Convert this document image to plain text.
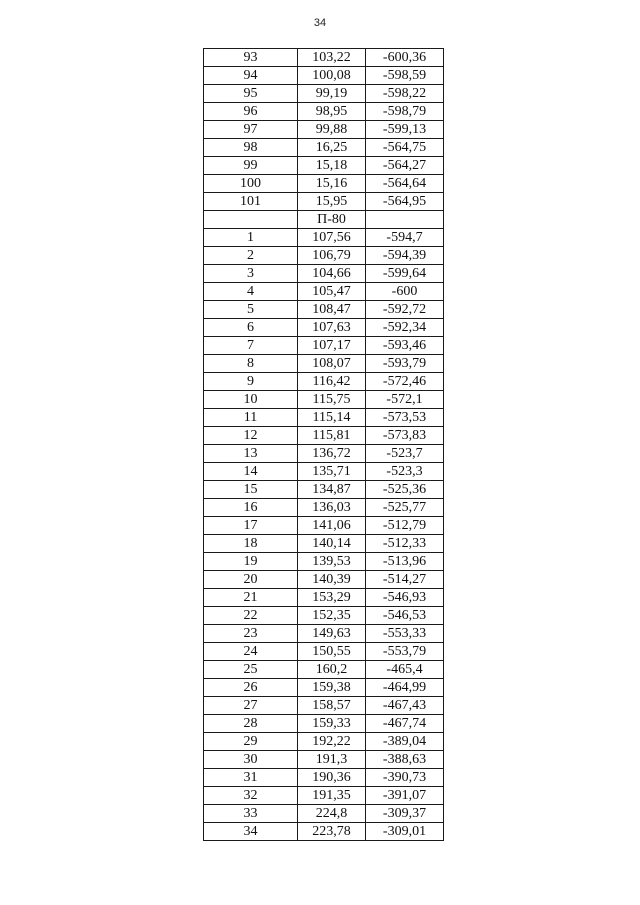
34
93	103,22	-600,36
94	100,08	-598,59
95	99,19	-598,22
96	98,95	-598,79
97	99,88	-599,13
98	16,25	-564,75
99	15,18	-564,27
100	15,16	-564,64
101	15,95	-564,95
	П-80	
1	107,56	-594,7
2	106,79	-594,39
3	104,66	-599,64
4	105,47	-600
5	108,47	-592,72
6	107,63	-592,34
7	107,17	-593,46
8	108,07	-593,79
9	116,42	-572,46
10	115,75	-572,1
11	115,14	-573,53
12	115,81	-573,83
13	136,72	-523,7
14	135,71	-523,3
15	134,87	-525,36
16	136,03	-525,77
17	141,06	-512,79
18	140,14	-512,33
19	139,53	-513,96
20	140,39	-514,27
21	153,29	-546,93
22	152,35	-546,53
23	149,63	-553,33
24	150,55	-553,79
25	160,2	-465,4
26	159,38	-464,99
27	158,57	-467,43
28	159,33	-467,74
29	192,22	-389,04
30	191,3	-388,63
31	190,36	-390,73
32	191,35	-391,07
33	224,8	-309,37
34	223,78	-309,01
